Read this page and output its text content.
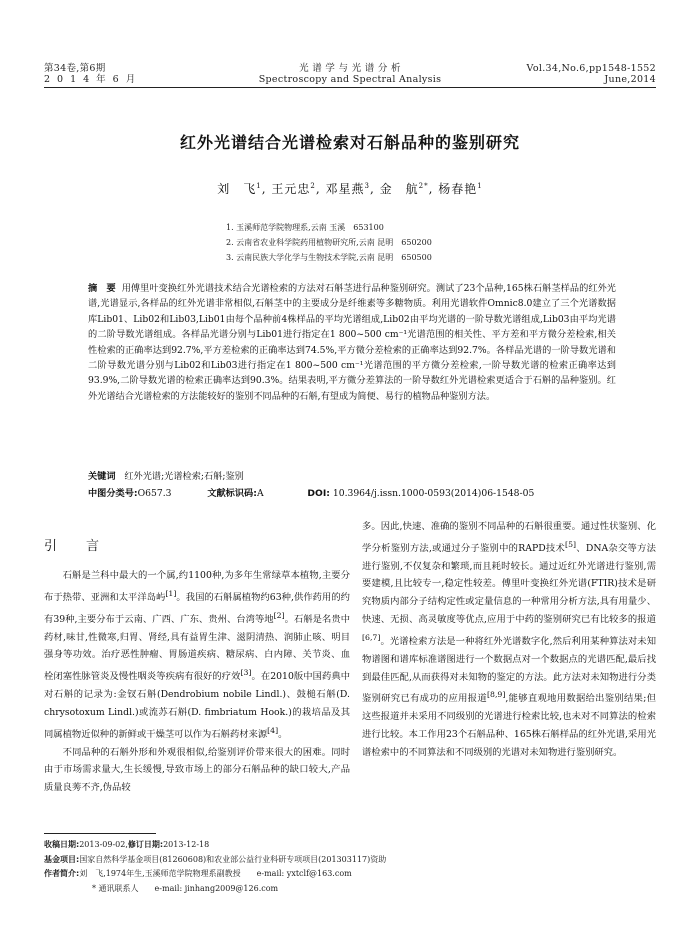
第34卷,第6期
2014年6月
光 谱 学 与 光 谱 分 析
Spectroscopy and Spectral Analysis
Vol.34,No.6,pp1548-1552
June,2014
红外光谱结合光谱检索对石斛品种的鉴别研究
刘　飞$^1$, 王元忠$^2$, 邓星燕$^3$, 金　航$^{2*}$, 杨春艳$^1$
1. 玉溪师范学院物理系,云南 玉溪　653100
2. 云南省农业科学院药用植物研究所,云南 昆明　650200
3. 云南民族大学化学与生物技术学院,云南 昆明　650500
摘　要 用傅里叶变换红外光谱技术结合光谱检索的方法对石斛茎进行品种鉴别研究。测试了23个品种,165株石斛茎样品的红外光谱,光谱显示,各样品的红外光谱非常相似,石斛茎中的主要成分是纤维素等多糖物质。利用光谱软件Omnic8.0建立了三个光谱数据库Lib01、Lib02和Lib03,Lib01由每个品种前4株样品的平均光谱组成,Lib02由平均光谱的一阶导数光谱组成,Lib03由平均光谱的二阶导数光谱组成。各样品光谱分别与Lib01进行指定在1 800~500 cm⁻¹光谱范围的相关性、平方差和平方微分差检索,相关性检索的正确率达到92.7%,平方差检索的正确率达到74.5%,平方微分差检索的正确率达到92.7%。各样品光谱的一阶导数光谱和二阶导数光谱分别与Lib02和Lib03进行指定在1 800~500 cm⁻¹光谱范围的平方微分差检索,一阶导数光谱的检索正确率达到93.9%,二阶导数光谱的检索正确率达到90.3%。结果表明,平方微分差算法的一阶导数红外光谱检索更适合于石斛的品种鉴别。红外光谱结合光谱检索的方法能较好的鉴别不同品种的石斛,有望成为简便、易行的植物品种鉴别方法。
关键词 红外光谱;光谱检索;石斛;鉴别
中图分类号:O657.3	文献标识码:A	DOI: 10.3964/j.issn.1000-0593(2014)06-1548-05
引　言

石斛是兰科中最大的一个属,约1100种,为多年生常绿草本植物,主要分布于热带、亚洲和太平洋岛屿[1]。我国的石斛属植物约63种,供作药用的约有39种,主要分布于云南、广西、广东、贵州、台湾等地[2]。石斛是名贵中药材,味甘,性微寒,归胃、肾经,具有益胃生津、滋阴清热、润肺止咳、明目强身等功效。治疗恶性肿瘤、胃肠道疾病、糖尿病、白内障、关节炎、血栓闭塞性脉管炎及慢性咽炎等疾病有很好的疗效[3]。在2010版中国药典中对石斛的记录为:金钗石斛(Dendrobium nobile Lindl.)、鼓槌石斛(D. chrysotoxum Lindl.)或流苏石斛(D. fimbriatum Hook.)的栽培品及其同属植物近似种的新鲜或干燥茎可以作为石斛药材来源[4]。

不同品种的石斛外形和外观很相似,给鉴别评价带来很大的困难。同时由于市场需求量大,生长缓慢,导致市场上的部分石斛品种的缺口较大,产品质量良莠不齐,伪品较

多。因此,快速、准确的鉴别不同品种的石斛很重要。通过性状鉴别、化学分析鉴别方法,或通过分子鉴别中的RAPD技术[5]、DNA杂交等方法进行鉴别,不仅复杂和繁琐,而且耗时较长。通过近红外光谱进行鉴别,需要建模,且比较专一,稳定性较差。傅里叶变换红外光谱(FTIR)技术是研究物质内部分子结构定性或定量信息的一种常用分析方法,具有用量少、快速、无损、高灵敏度等优点,应用于中药的鉴别研究已有比较多的报道[6,7]。光谱检索方法是一种将红外光谱数字化,然后利用某种算法对未知物谱图和谱库标准谱图进行一个数据点对一个数据点的光谱匹配,最后找到最佳匹配,从而获得对未知物的鉴定的方法。此方法对未知物进行分类鉴别研究已有成功的应用报道[8,9],能够直观地用数据给出鉴别结果;但这些报道并未采用不同级别的光谱进行检索比较,也未对不同算法的检索进行比较。本工作用23个石斛品种、165株石斛样品的红外光谱,采用光谱检索中的不同算法和不同级别的光谱对未知物进行鉴别研究。

收稿日期:2013-09-02,修订日期:2013-12-18
基金项目:国家自然科学基金项目(81260608)和农业部公益行业科研专项项目(201303117)资助
作者简介:刘　飞,1974年生,玉溪师范学院物理系副教授　　e-mail: yxtclf@163.com
* 通讯联系人　　e-mail: jinhang2009@126.com
